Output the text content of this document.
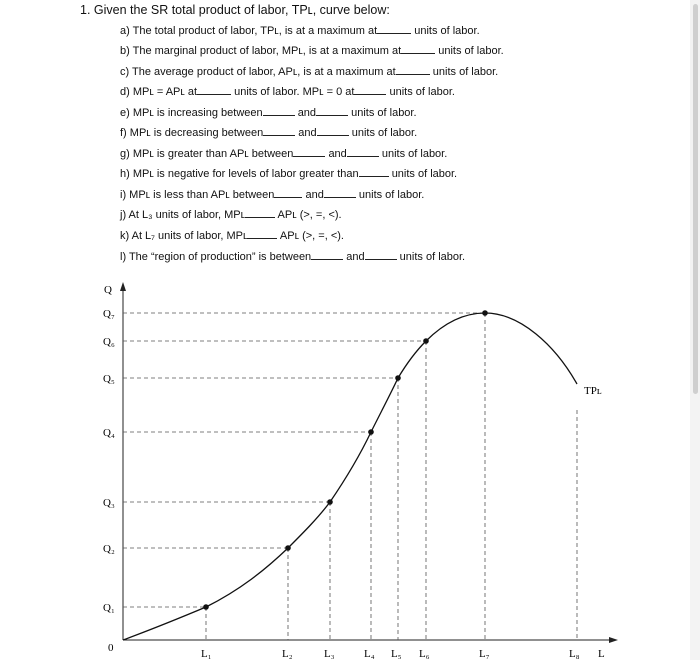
1. Given the SR total product of labor, TPʟ, curve below:
a) The total product of labor, TPʟ, is at a maximum at	units of labor.
b) The marginal product of labor, MPʟ, is at a maximum at	units of labor.
c) The average product of labor, APʟ, is at a maximum at	units of labor.
d) MPʟ = APʟ at	units of labor. MPʟ = 0 at	units of labor.
e) MPʟ is increasing between	and	units of labor.
f) MPʟ is decreasing between	and	units of labor.
g) MPʟ is greater than APʟ between	and	units of labor.
h) MPʟ is negative for levels of labor greater than	units of labor.
i) MPʟ is less than APʟ between	and	units of labor.
j) At L₃ units of labor, MPʟ	APʟ (>, =, <).
k) At L₇ units of labor, MPʟ	APʟ (>, =, <).
l) The “region of production” is between	and	units of labor.
Q
Q₇
Q₆
Q₅
Q₄
Q₃
Q₂
Q₁
0	L₁	L₂	L₃	L₄ L₅ L₆	L₇	L₈ L
TPʟ
